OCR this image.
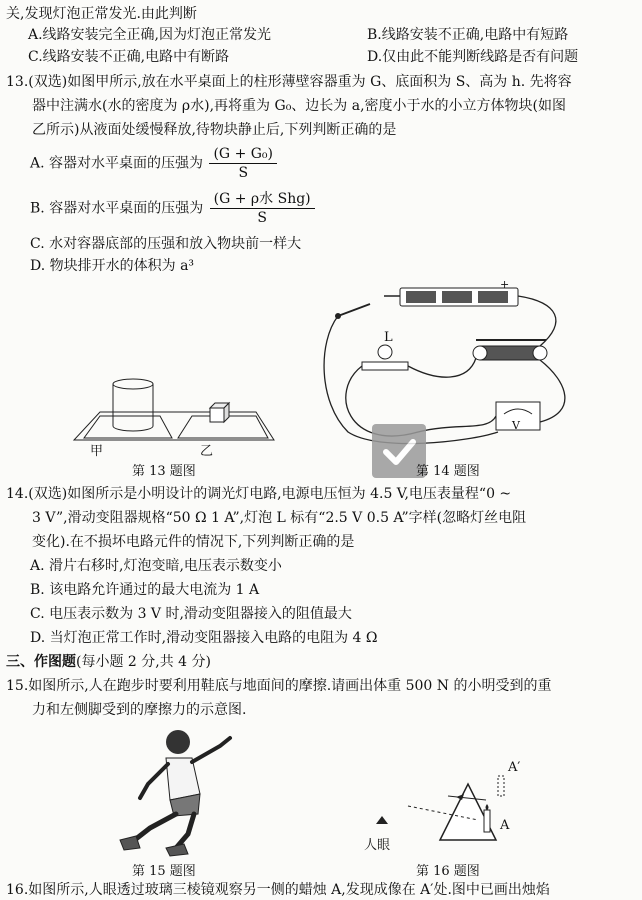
关,发现灯泡正常发光.由此判断
A.线路安装完全正确,因为灯泡正常发光	B.线路安装不正确,电路中有短路
C.线路安装不正确,电路中有断路	D.仅由此不能判断线路是否有问题
13.(双选)如图甲所示,放在水平桌面上的柱形薄壁容器重为 G、底面积为 S、高为 h. 先将容
器中注满水(水的密度为 ρ水),再将重为 G₀、边长为 a,密度小于水的小立方体物块(如图
乙所示)从液面处缓慢释放,待物块静止后,下列判断正确的是
A. 容器对水平桌面的压强为 $\frac{\text{(G + G₀)}}{S}$
B. 容器对水平桌面的压强为 $\frac{\text{(G + ρ水 Shg)}}{S}$
C. 水对容器底部的压强和放入物块前一样大
D. 物块排开水的体积为 a³
甲	乙
第 13 题图
L
+
V
第 14 题图
14.(双选)如图所示是小明设计的调光灯电路,电源电压恒为 4.5 V,电压表量程“0 ~
3 V”,滑动变阻器规格“50 Ω 1 A”,灯泡 L 标有“2.5 V 0.5 A”字样(忽略灯丝电阻
变化).在不损坏电路元件的情况下,下列判断正确的是
A. 滑片右移时,灯泡变暗,电压表示数变小
B. 该电路允许通过的最大电流为 1 A
C. 电压表示数为 3 V 时,滑动变阻器接入的阻值最大
D. 当灯泡正常工作时,滑动变阻器接入电路的电阻为 4 Ω
三、作图题(每小题 2 分,共 4 分)
15.如图所示,人在跑步时要利用鞋底与地面间的摩擦.请画出体重 500 N 的小明受到的重
力和左侧脚受到的摩擦力的示意图.
第 15 题图
人眼
A
A′
第 16 题图
16.如图所示,人眼透过玻璃三棱镜观察另一侧的蜡烛 A,发现成像在 A′处.图中已画出烛焰
